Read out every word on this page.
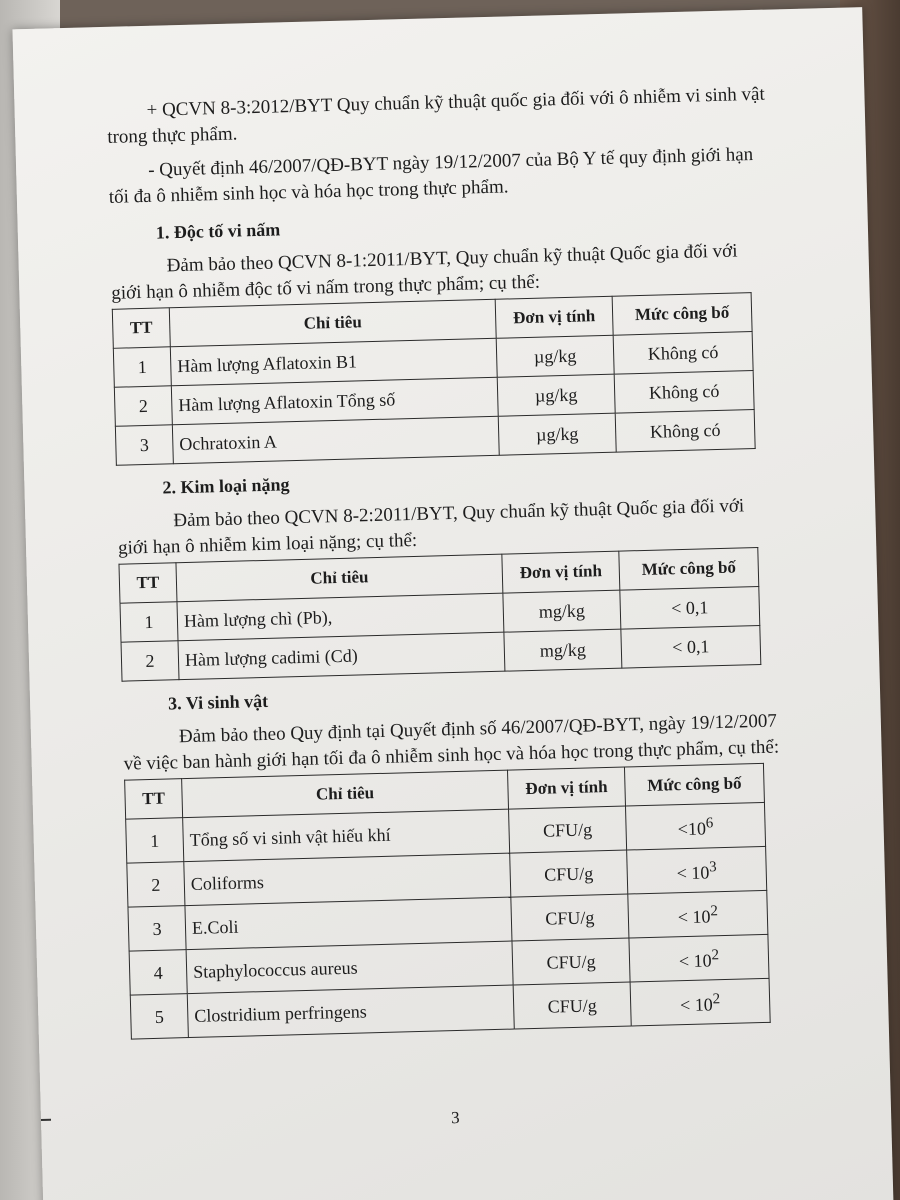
+ QCVN 8-3:2012/BYT Quy chuẩn kỹ thuật quốc gia đối với ô nhiễm vi sinh vật trong thực phẩm.

- Quyết định 46/2007/QĐ-BYT ngày 19/12/2007 của Bộ Y tế quy định giới hạn tối đa ô nhiễm sinh học và hóa học trong thực phẩm.

1. Độc tố vi nấm

Đảm bảo theo QCVN 8-1:2011/BYT, Quy chuẩn kỹ thuật Quốc gia đối với giới hạn ô nhiễm độc tố vi nấm trong thực phẩm; cụ thể:

TT	Chỉ tiêu	Đơn vị tính	Mức công bố
1	Hàm lượng Aflatoxin B1	µg/kg	Không có
2	Hàm lượng Aflatoxin Tổng số	µg/kg	Không có
3	Ochratoxin A	µg/kg	Không có

2. Kim loại nặng

Đảm bảo theo QCVN 8-2:2011/BYT, Quy chuẩn kỹ thuật Quốc gia đối với giới hạn ô nhiễm kim loại nặng; cụ thể:

TT	Chỉ tiêu	Đơn vị tính	Mức công bố
1	Hàm lượng chì (Pb),	mg/kg	< 0,1
2	Hàm lượng cadimi (Cd)	mg/kg	< 0,1

3. Vi sinh vật

Đảm bảo theo Quy định tại Quyết định số 46/2007/QĐ-BYT, ngày 19/12/2007 về việc ban hành giới hạn tối đa ô nhiễm sinh học và hóa học trong thực phẩm, cụ thể:

TT	Chỉ tiêu	Đơn vị tính	Mức công bố
1	Tổng số vi sinh vật hiếu khí	CFU/g	$<10^6$
2	Coliforms	CFU/g	< $10^3$
3	E.Coli	CFU/g	< $10^2$
4	Staphylococcus aureus	CFU/g	< $10^2$
5	Clostridium perfringens	CFU/g	< $10^2$
3
